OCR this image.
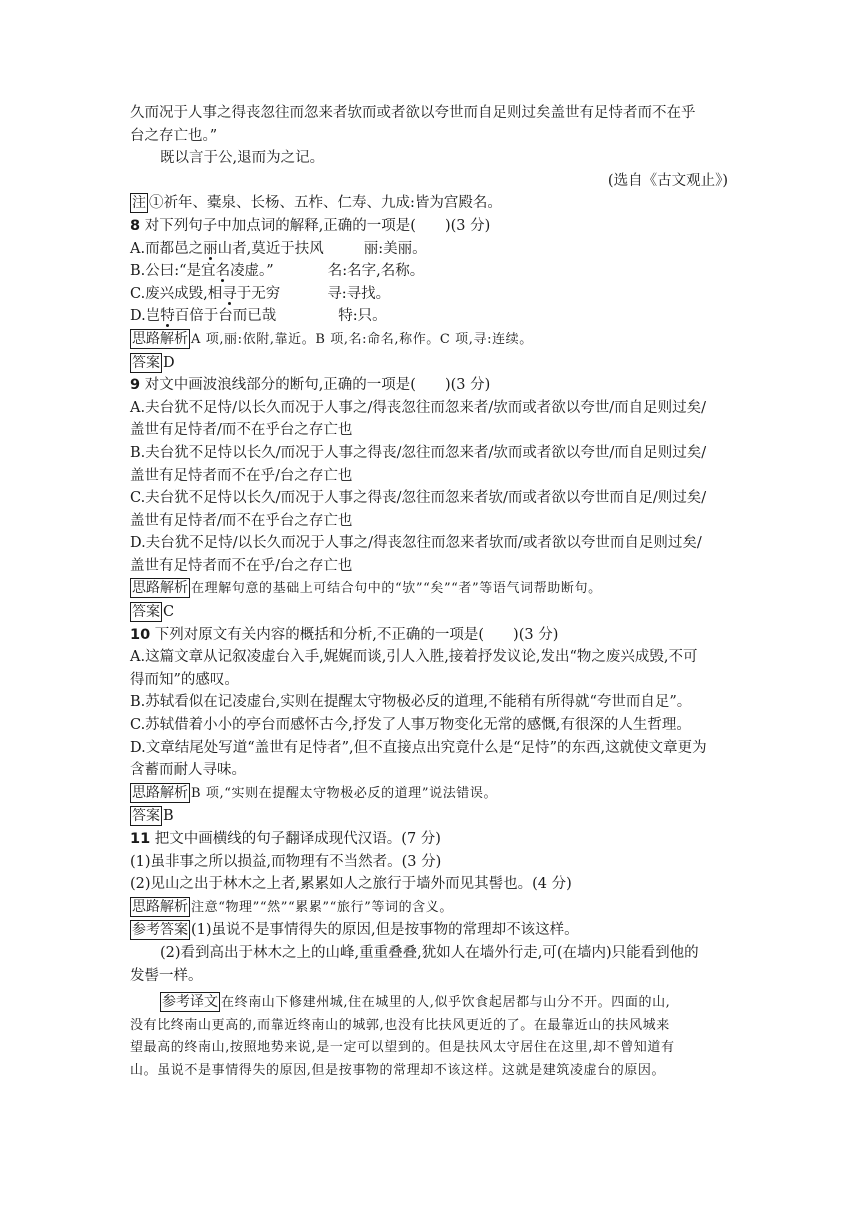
久而况于人事之得丧忽往而忽来者欤而或者欲以夸世而自足则过矣盖世有足恃者而不在乎

台之存亡也。”

既以言于公,退而为之记。

(选自《古文观止》)

注 ①祈年、橐泉、长杨、五柞、仁寿、九成:皆为宫殿名。

8 对下列句子中加点词的解释,正确的一项是(　　)(3 分)

A.而都邑之丽山者,莫近于扶风	丽:美丽。

B.公曰:“是宜名凌虚。”	名:名字,名称。

C.废兴成毁,相寻于无穷	寻:寻找。

D.岂特百倍于台而已哉	特:只。

思路解析 A 项,丽:依附,靠近。B 项,名:命名,称作。C 项,寻:连续。

答案 D

9 对文中画波浪线部分的断句,正确的一项是(　　)(3 分)

A.夫台犹不足恃/以长久而况于人事之/得丧忽往而忽来者/欤而或者欲以夸世/而自足则过矣/

盖世有足恃者/而不在乎台之存亡也

B.夫台犹不足恃以长久/而况于人事之得丧/忽往而忽来者/欤而或者欲以夸世/而自足则过矣/

盖世有足恃者而不在乎/台之存亡也

C.夫台犹不足恃以长久/而况于人事之得丧/忽往而忽来者欤/而或者欲以夸世而自足/则过矣/

盖世有足恃者/而不在乎台之存亡也

D.夫台犹不足恃/以长久而况于人事之/得丧忽往而忽来者欤而/或者欲以夸世而自足则过矣/

盖世有足恃者而不在乎/台之存亡也

思路解析 在理解句意的基础上可结合句中的“欤”“矣”“者”等语气词帮助断句。

答案 C

10 下列对原文有关内容的概括和分析,不正确的一项是(　　)(3 分)

A.这篇文章从记叙凌虚台入手,娓娓而谈,引人入胜,接着抒发议论,发出“物之废兴成毁,不可

得而知”的感叹。

B.苏轼看似在记凌虚台,实则在提醒太守物极必反的道理,不能稍有所得就“夸世而自足”。

C.苏轼借着小小的亭台而感怀古今,抒发了人事万物变化无常的感慨,有很深的人生哲理。

D.文章结尾处写道“盖世有足恃者”,但不直接点出究竟什么是“足恃”的东西,这就使文章更为

含蓄而耐人寻味。

思路解析 B 项,“实则在提醒太守物极必反的道理”说法错误。

答案 B

11 把文中画横线的句子翻译成现代汉语。(7 分)

(1)虽非事之所以损益,而物理有不当然者。(3 分)

(2)见山之出于林木之上者,累累如人之旅行于墙外而见其髻也。(4 分)

思路解析 注意“物理”“然”“累累”“旅行”等词的含义。

参考答案 (1)虽说不是事情得失的原因,但是按事物的常理却不该这样。

(2)看到高出于林木之上的山峰,重重叠叠,犹如人在墙外行走,可(在墙内)只能看到他的

发髻一样。

参考译文 在终南山下修建州城,住在城里的人,似乎饮食起居都与山分不开。四面的山,

没有比终南山更高的,而靠近终南山的城郭,也没有比扶风更近的了。在最靠近山的扶风城来

望最高的终南山,按照地势来说,是一定可以望到的。但是扶风太守居住在这里,却不曾知道有

山。虽说不是事情得失的原因,但是按事物的常理却不该这样。这就是建筑凌虚台的原因。
